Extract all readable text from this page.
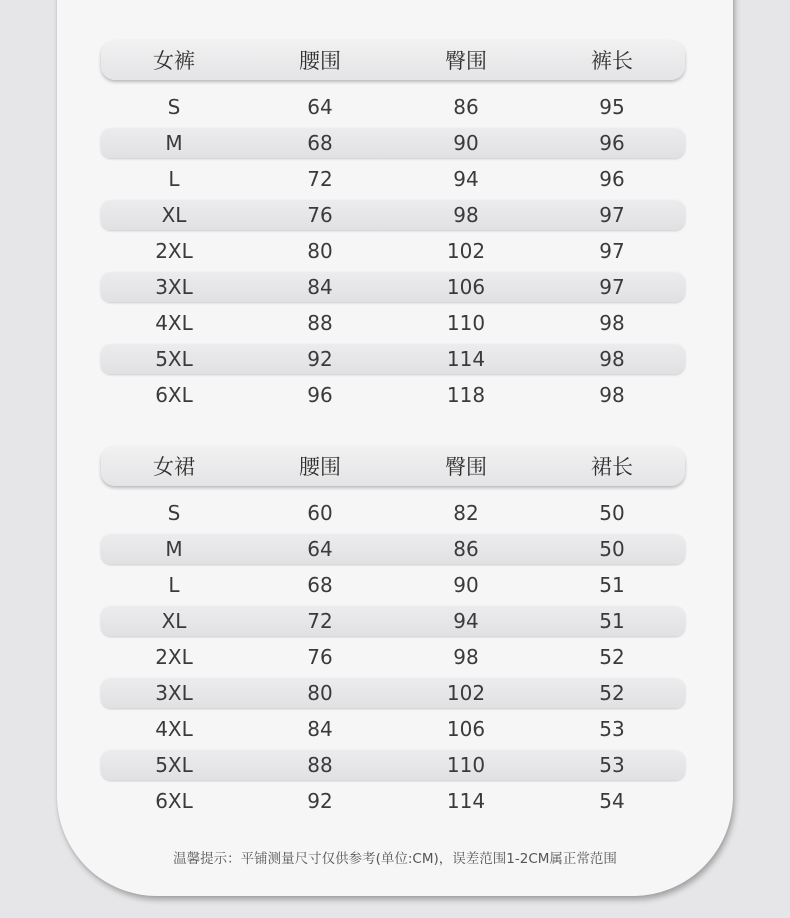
女裤	腰围	臀围	裤长
S	64	86	95
M	68	90	96
L	72	94	96
XL	76	98	97
2XL	80	102	97
3XL	84	106	97
4XL	88	110	98
5XL	92	114	98
6XL	96	118	98
女裙	腰围	臀围	裙长
S	60	82	50
M	64	86	50
L	68	90	51
XL	72	94	51
2XL	76	98	52
3XL	80	102	52
4XL	84	106	53
5XL	88	110	53
6XL	92	114	54
温馨提示：平铺测量尺寸仅供参考(单位:CM)，误差范围1-2CM属正常范围
